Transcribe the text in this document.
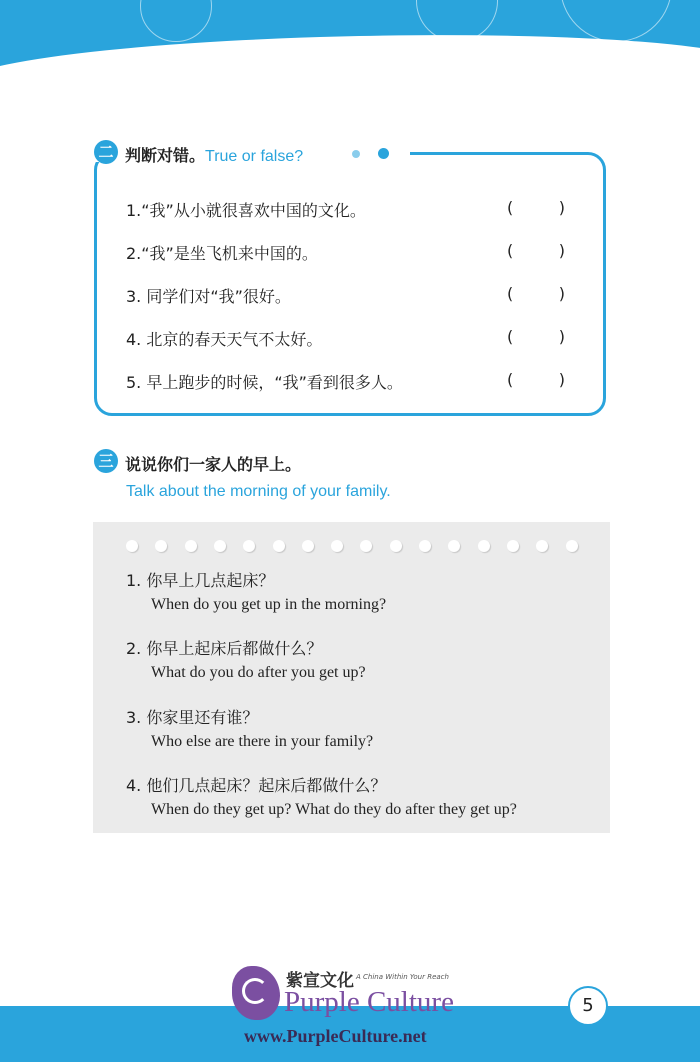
北京的早上 The Morning in Beijing
二 判断对错。True or false?
1.“我”从小就很喜欢中国的文化。	(	)
2.“我”是坐飞机来中国的。	(	)
3. 同学们对“我”很好。	(	)
4. 北京的春天天气不太好。	(	)
5. 早上跑步的时候，“我”看到很多人。	(	)
三 说说你们一家人的早上。
Talk about the morning of your family.
1. 你早上几点起床？
When do you get up in the morning?
2. 你早上起床后都做什么？
What do you do after you get up?
3. 你家里还有谁？
Who else are there in your family?
4. 他们几点起床？起床后都做什么？
When do they get up? What do they do after they get up?
紫宣文化 A China Within Your Reach
Purple Culture
www.PurpleCulture.net
5
